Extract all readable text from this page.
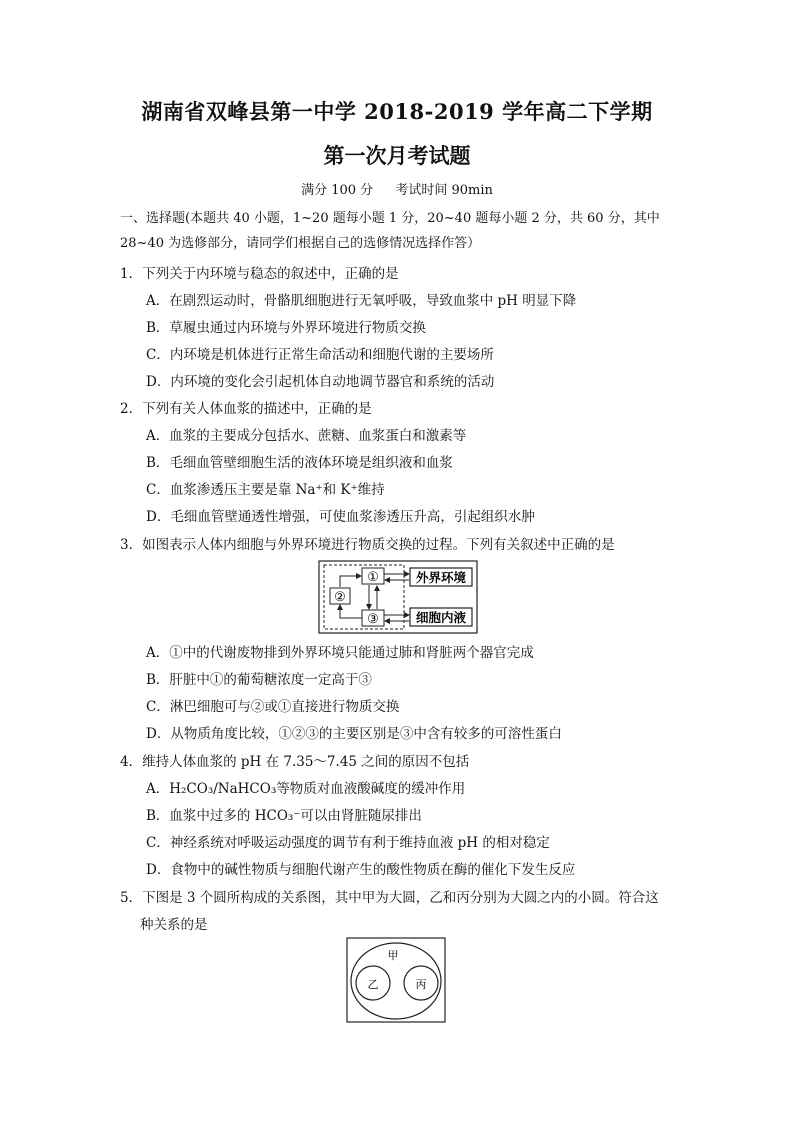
湖南省双峰县第一中学 2018-2019 学年高二下学期
第一次月考试题
满分 100 分 考试时间 90min
一、选择题(本题共 40 小题，1~20 题每小题 1 分，20~40 题每小题 2 分，共 60 分，其中 28~40 为选修部分，请同学们根据自己的选修情况选择作答）
1．下列关于内环境与稳态的叙述中，正确的是
A．在剧烈运动时，骨骼肌细胞进行无氧呼吸，导致血浆中 pH 明显下降
B．草履虫通过内环境与外界环境进行物质交换
C．内环境是机体进行正常生命活动和细胞代谢的主要场所
D．内环境的变化会引起机体自动地调节器官和系统的活动
2．下列有关人体血浆的描述中，正确的是
A．血浆的主要成分包括水、蔗糖、血浆蛋白和激素等
B．毛细血管壁细胞生活的液体环境是组织液和血浆
C．血浆渗透压主要是靠 Na⁺和 K⁺维持
D．毛细血管壁通透性增强，可使血浆渗透压升高，引起组织水肿
3．如图表示人体内细胞与外界环境进行物质交换的过程。下列有关叙述中正确的是
①
②
③
外界环境
细胞内液
A．①中的代谢废物排到外界环境只能通过肺和肾脏两个器官完成
B．肝脏中①的葡萄糖浓度一定高于③
C．淋巴细胞可与②或①直接进行物质交换
D．从物质角度比较，①②③的主要区别是③中含有较多的可溶性蛋白
4．维持人体血浆的 pH 在 7.35～7.45 之间的原因不包括
A．H₂CO₃/NaHCO₃等物质对血液酸碱度的缓冲作用
B．血浆中过多的 HCO₃⁻可以由肾脏随尿排出
C．神经系统对呼吸运动强度的调节有利于维持血液 pH 的相对稳定
D．食物中的碱性物质与细胞代谢产生的酸性物质在酶的催化下发生反应
5．下图是 3 个圆所构成的关系图，其中甲为大圆，乙和丙分别为大圆之内的小圆。符合这
种关系的是
甲
乙	丙
